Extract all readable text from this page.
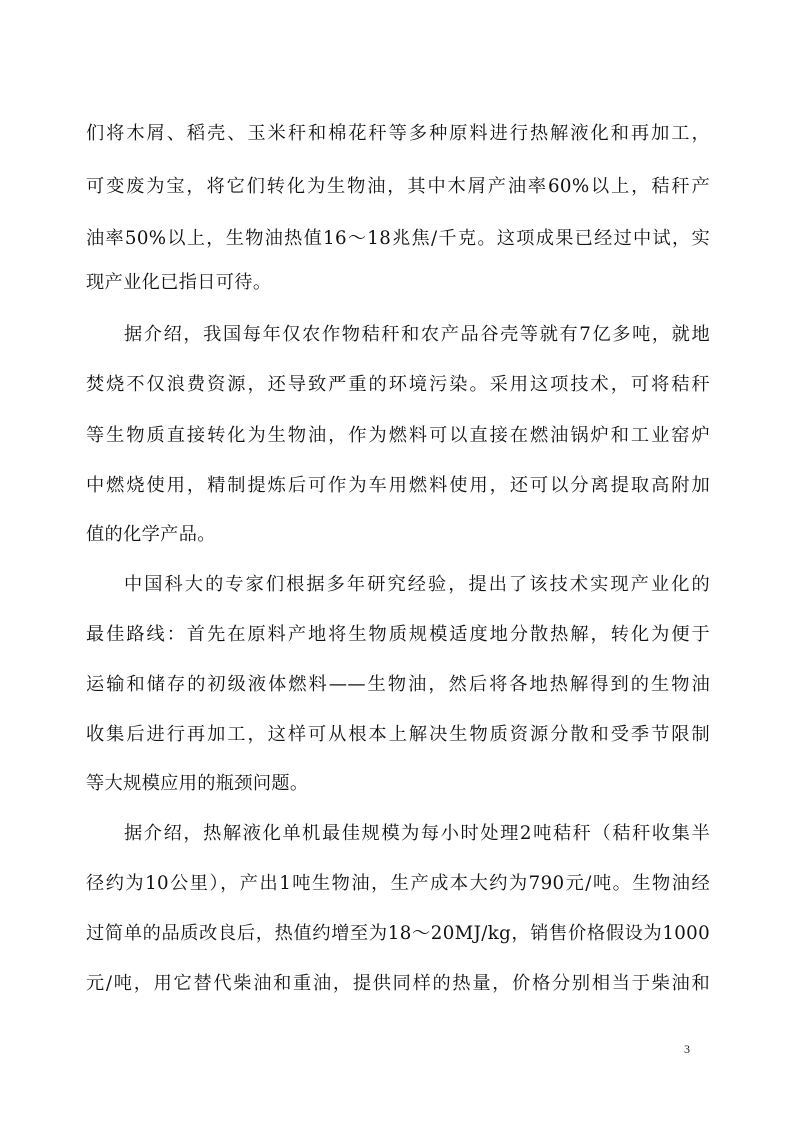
们将木屑、稻壳、玉米秆和棉花秆等多种原料进行热解液化和再加工，
可变废为宝，将它们转化为生物油，其中木屑产油率60%以上，秸秆产
油率50%以上，生物油热值16～18兆焦/千克。这项成果已经过中试，实
现产业化已指日可待。
据介绍，我国每年仅农作物秸秆和农产品谷壳等就有7亿多吨，就地
焚烧不仅浪费资源，还导致严重的环境污染。采用这项技术，可将秸秆
等生物质直接转化为生物油，作为燃料可以直接在燃油锅炉和工业窑炉
中燃烧使用，精制提炼后可作为车用燃料使用，还可以分离提取高附加
值的化学产品。
中国科大的专家们根据多年研究经验，提出了该技术实现产业化的
最佳路线：首先在原料产地将生物质规模适度地分散热解，转化为便于
运输和储存的初级液体燃料——生物油，然后将各地热解得到的生物油
收集后进行再加工，这样可从根本上解决生物质资源分散和受季节限制
等大规模应用的瓶颈问题。
据介绍，热解液化单机最佳规模为每小时处理2吨秸秆（秸秆收集半
径约为10公里），产出1吨生物油，生产成本大约为790元/吨。生物油经
过简单的品质改良后，热值约增至为18～20MJ/kg，销售价格假设为1000
元/吨，用它替代柴油和重油，提供同样的热量，价格分别相当于柴油和
3
